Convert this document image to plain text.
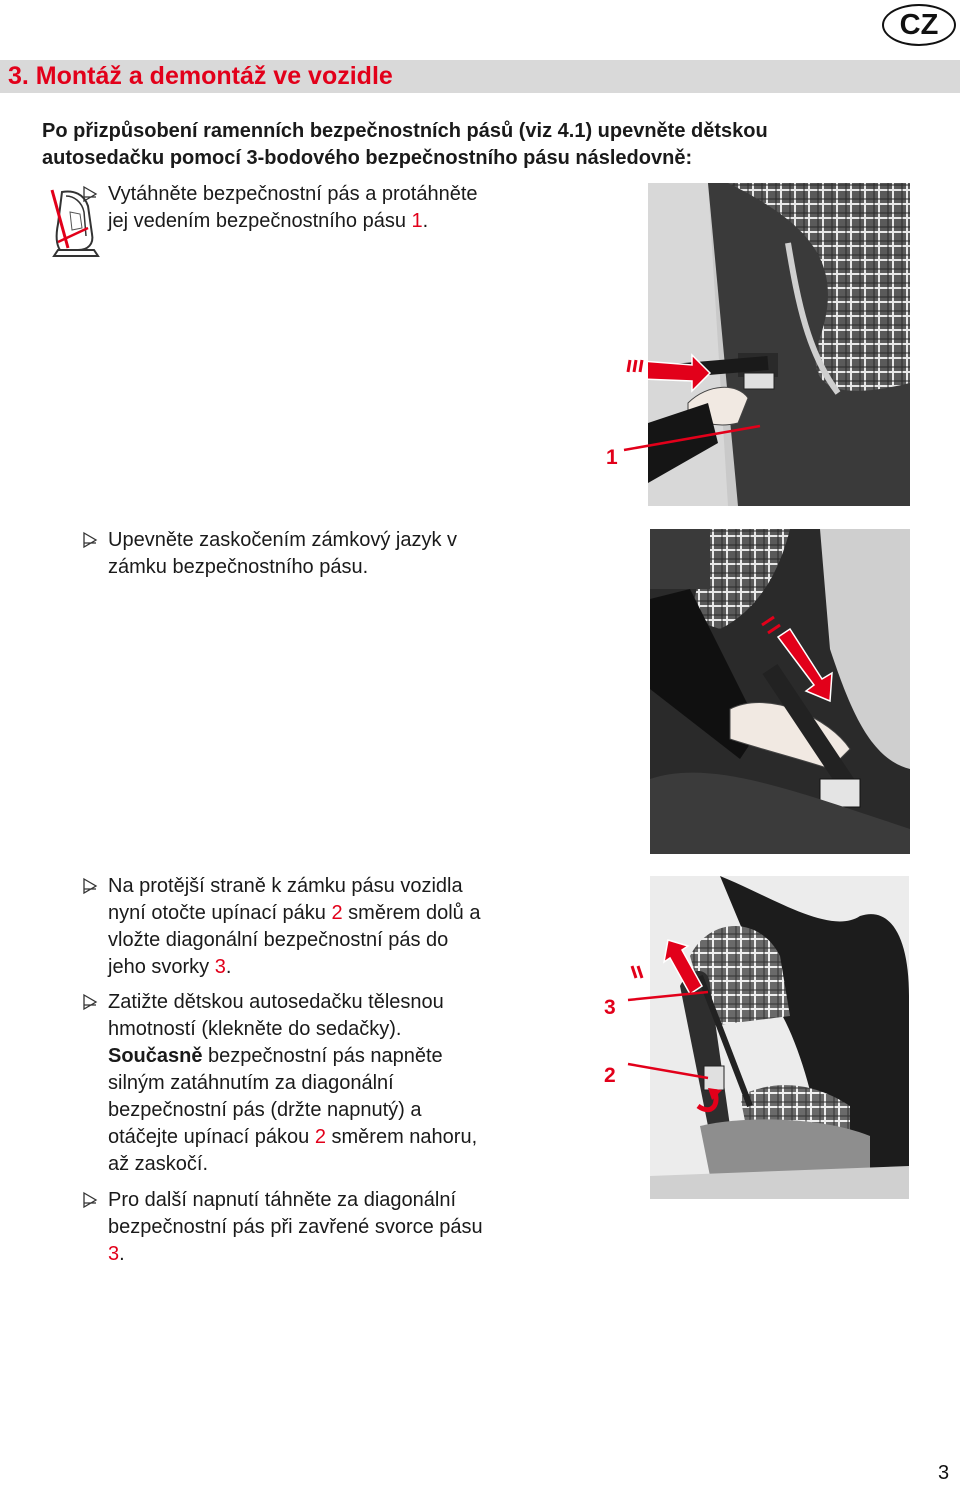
CZ
3. Montáž a demontáž ve vozidle
Po přizpůsobení ramenních bezpečnostních pásů (viz 4.1) upevněte dětskou
autosedačku pomocí 3-bodového bezpečnostního pásu následovně:
Vytáhněte bezpečnostní pás a protáhněte
jej vedením bezpečnostního pásu 1.
1
Upevněte zaskočením zámkový jazyk v
zámku bezpečnostního pásu.
Na protější straně k zámku pásu vozidla
nyní otočte upínací páku 2 směrem dolů a
vložte diagonální bezpečnostní pás do
jeho svorky 3.
Zatižte dětskou autosedačku tělesnou
hmotností (klekněte do sedačky).
Současně bezpečnostní pás napněte
silným zatáhnutím za diagonální
bezpečnostní pás (držte napnutý) a
otáčejte upínací pákou 2 směrem nahoru,
až zaskočí.
Pro další napnutí táhněte za diagonální
bezpečnostní pás při zavřené svorce pásu
3.
3
2
3
